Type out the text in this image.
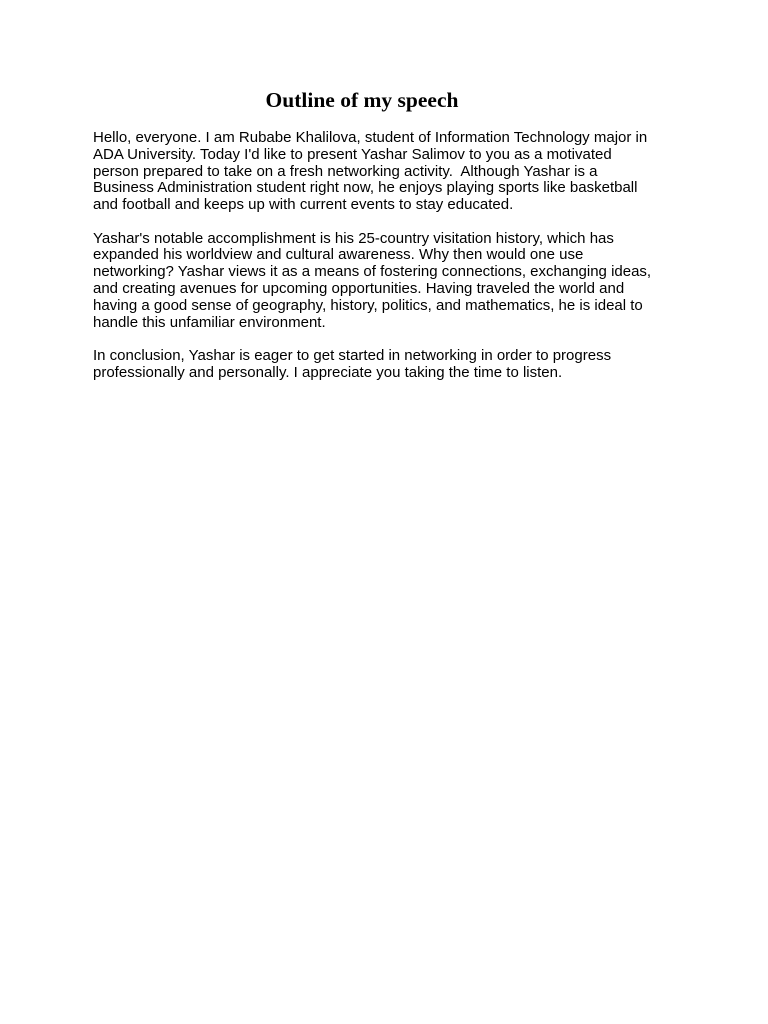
Outline of my speech

Hello, everyone. I am Rubabe Khalilova, student of Information Technology major in
ADA University. Today I'd like to present Yashar Salimov to you as a motivated
person prepared to take on a fresh networking activity.  Although Yashar is a
Business Administration student right now, he enjoys playing sports like basketball
and football and keeps up with current events to stay educated.

Yashar's notable accomplishment is his 25-country visitation history, which has
expanded his worldview and cultural awareness. Why then would one use
networking? Yashar views it as a means of fostering connections, exchanging ideas,
and creating avenues for upcoming opportunities. Having traveled the world and
having a good sense of geography, history, politics, and mathematics, he is ideal to
handle this unfamiliar environment.

In conclusion, Yashar is eager to get started in networking in order to progress
professionally and personally. I appreciate you taking the time to listen.
